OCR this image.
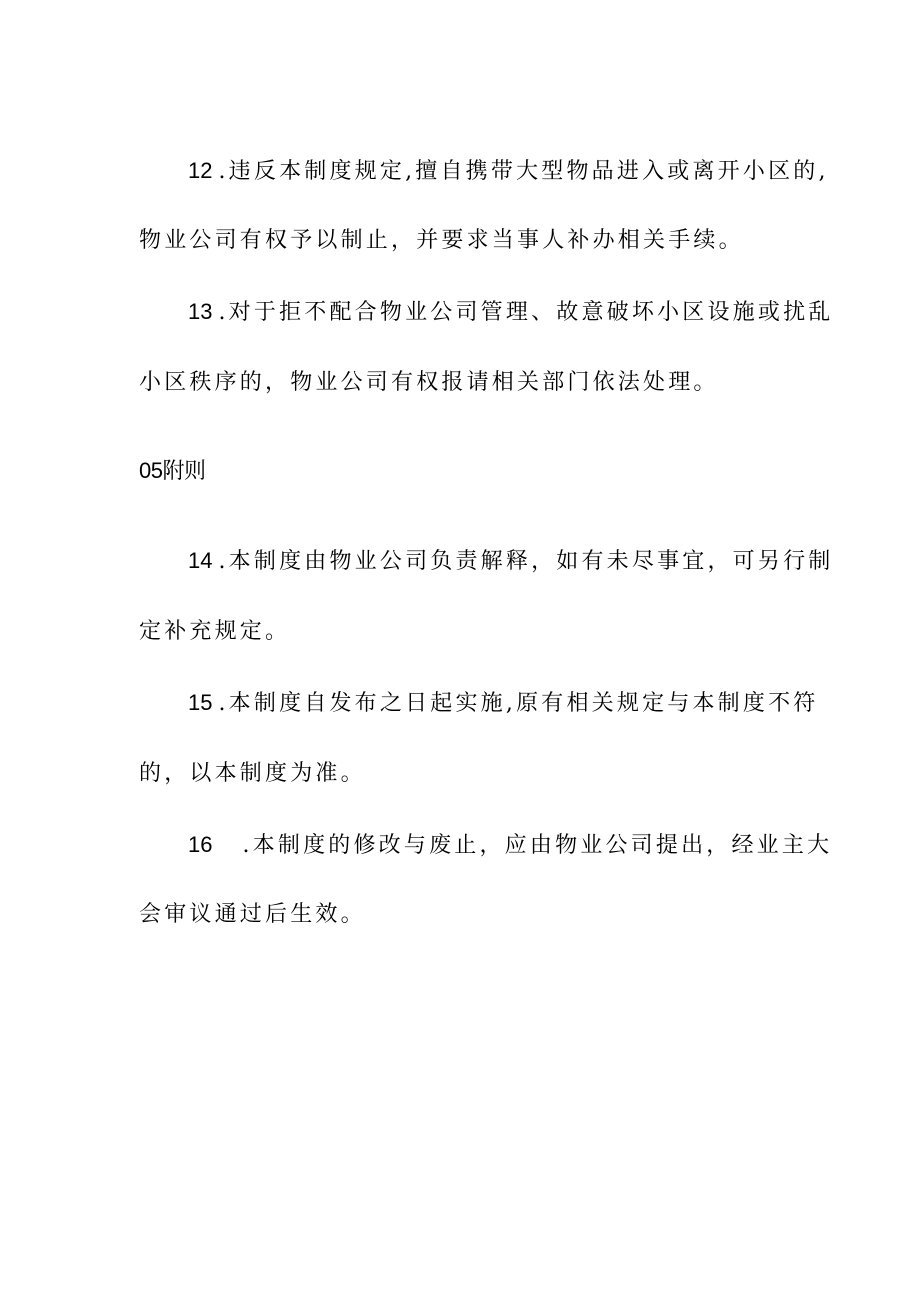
12 .违反本制度规定,擅自携带大型物品进入或离开小区的,
物业公司有权予以制止，并要求当事人补办相关手续。
13 .对于拒不配合物业公司管理、故意破坏小区设施或扰乱
小区秩序的，物业公司有权报请相关部门依法处理。
05附则
14 .本制度由物业公司负责解释，如有未尽事宜，可另行制
定补充规定。
15 .本制度自发布之日起实施,原有相关规定与本制度不符
的，以本制度为准。
16 .本制度的修改与废止，应由物业公司提出，经业主大
会审议通过后生效。
